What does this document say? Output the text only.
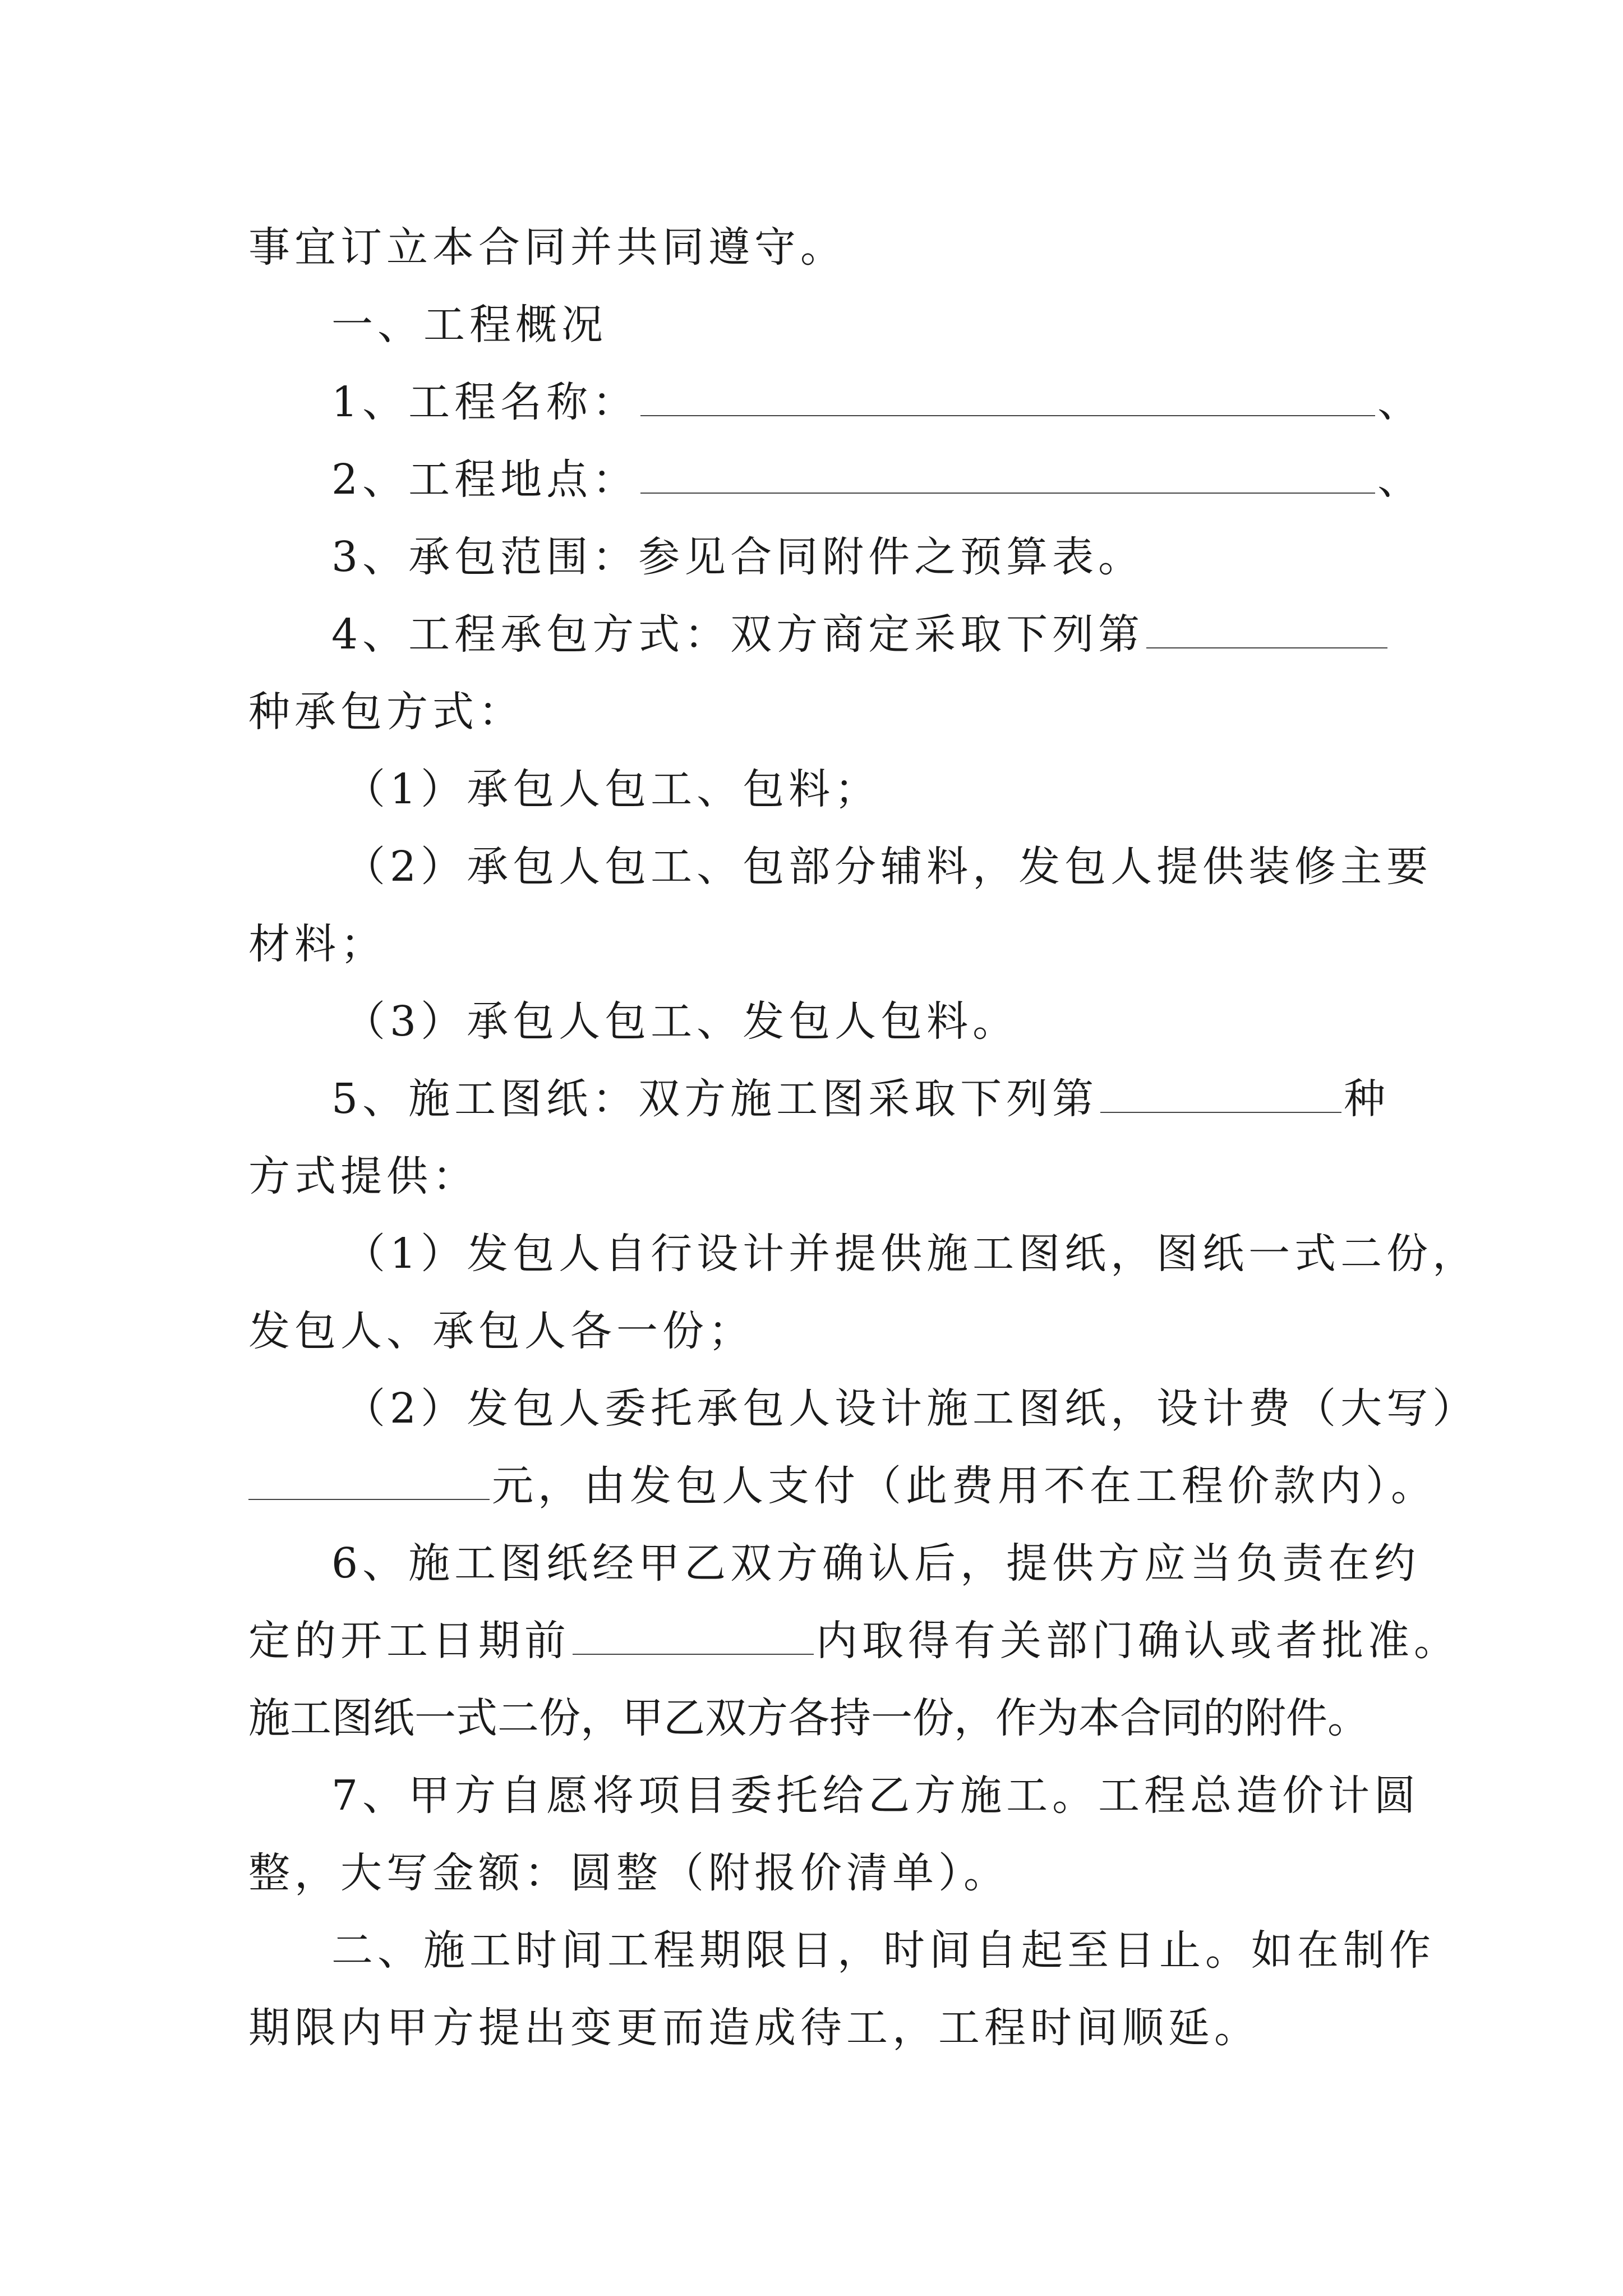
事宜订立本合同并共同遵守。
一、工程概况
1、工程名称：	、
2、工程地点：	、
3、承包范围：参见合同附件之预算表。
4、工程承包方式：双方商定采取下列第
种承包方式：
（1）承包人包工、包料；
（2）承包人包工、包部分辅料，发包人提供装修主要
材料；
（3）承包人包工、发包人包料。
5、施工图纸：双方施工图采取下列第	种
方式提供：
（1）发包人自行设计并提供施工图纸，图纸一式二份，
发包人、承包人各一份；
（2）发包人委托承包人设计施工图纸，设计费（大写）
元，由发包人支付（此费用不在工程价款内）。
6、施工图纸经甲乙双方确认后，提供方应当负责在约
定的开工日期前	内取得有关部门确认或者批准。
施工图纸一式二份，甲乙双方各持一份，作为本合同的附件。
7、甲方自愿将项目委托给乙方施工。工程总造价计圆
整，大写金额：圆整（附报价清单）。
二、施工时间工程期限日，时间自起至日止。如在制作
期限内甲方提出变更而造成待工，工程时间顺延。
